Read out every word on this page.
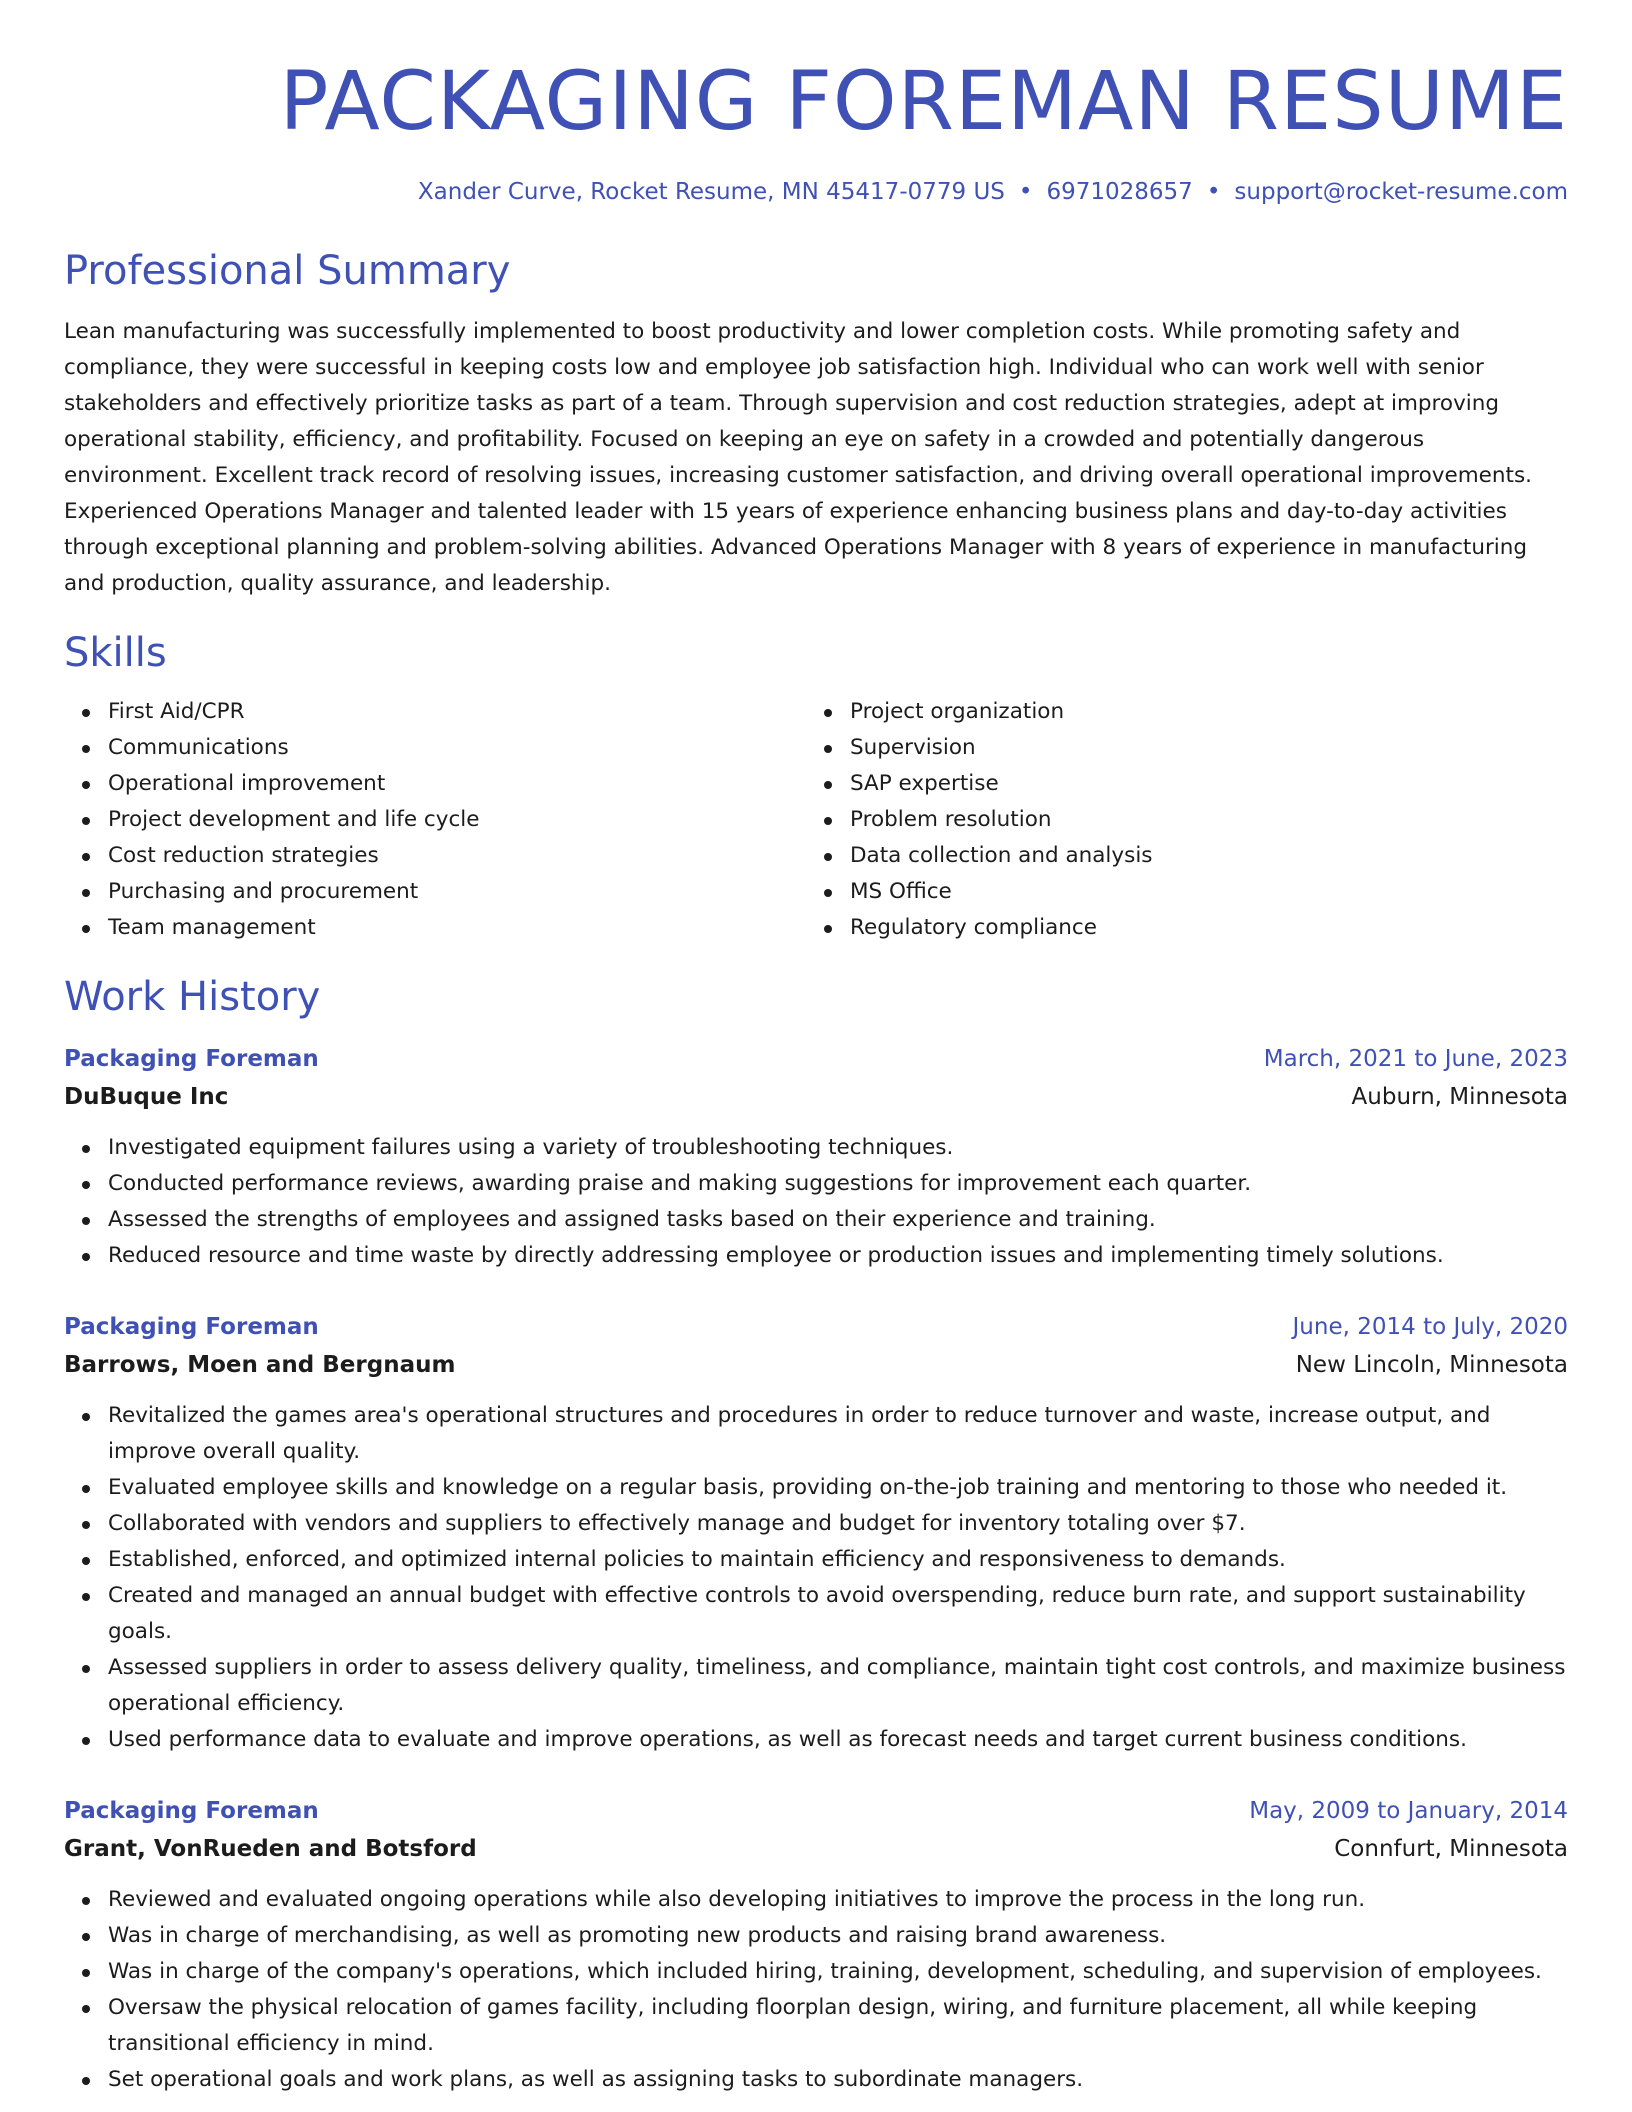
PACKAGING FOREMAN RESUME
Xander Curve, Rocket Resume, MN 45417-0779 US • 6971028657 • support@rocket-resume.com
Professional Summary
Lean manufacturing was successfully implemented to boost productivity and lower completion costs. While promoting safety and compliance, they were successful in keeping costs low and employee job satisfaction high. Individual who can work well with senior stakeholders and effectively prioritize tasks as part of a team. Through supervision and cost reduction strategies, adept at improving operational stability, efficiency, and profitability. Focused on keeping an eye on safety in a crowded and potentially dangerous environment. Excellent track record of resolving issues, increasing customer satisfaction, and driving overall operational improvements. Experienced Operations Manager and talented leader with 15 years of experience enhancing business plans and day-to-day activities through exceptional planning and problem-solving abilities. Advanced Operations Manager with 8 years of experience in manufacturing and production, quality assurance, and leadership.
Skills
First Aid/CPR
Communications
Operational improvement
Project development and life cycle
Cost reduction strategies
Purchasing and procurement
Team management
Project organization
Supervision
SAP expertise
Problem resolution
Data collection and analysis
MS Office
Regulatory compliance
Work History
Packaging Foreman	March, 2021 to June, 2023
DuBuque Inc	Auburn, Minnesota
Investigated equipment failures using a variety of troubleshooting techniques.
Conducted performance reviews, awarding praise and making suggestions for improvement each quarter.
Assessed the strengths of employees and assigned tasks based on their experience and training.
Reduced resource and time waste by directly addressing employee or production issues and implementing timely solutions.
Packaging Foreman	June, 2014 to July, 2020
Barrows, Moen and Bergnaum	New Lincoln, Minnesota
Revitalized the games area's operational structures and procedures in order to reduce turnover and waste, increase output, and improve overall quality.
Evaluated employee skills and knowledge on a regular basis, providing on-the-job training and mentoring to those who needed it.
Collaborated with vendors and suppliers to effectively manage and budget for inventory totaling over $7.
Established, enforced, and optimized internal policies to maintain efficiency and responsiveness to demands.
Created and managed an annual budget with effective controls to avoid overspending, reduce burn rate, and support sustainability goals.
Assessed suppliers in order to assess delivery quality, timeliness, and compliance, maintain tight cost controls, and maximize business operational efficiency.
Used performance data to evaluate and improve operations, as well as forecast needs and target current business conditions.
Packaging Foreman	May, 2009 to January, 2014
Grant, VonRueden and Botsford	Connfurt, Minnesota
Reviewed and evaluated ongoing operations while also developing initiatives to improve the process in the long run.
Was in charge of merchandising, as well as promoting new products and raising brand awareness.
Was in charge of the company's operations, which included hiring, training, development, scheduling, and supervision of employees.
Oversaw the physical relocation of games facility, including floorplan design, wiring, and furniture placement, all while keeping transitional efficiency in mind.
Set operational goals and work plans, as well as assigning tasks to subordinate managers.
